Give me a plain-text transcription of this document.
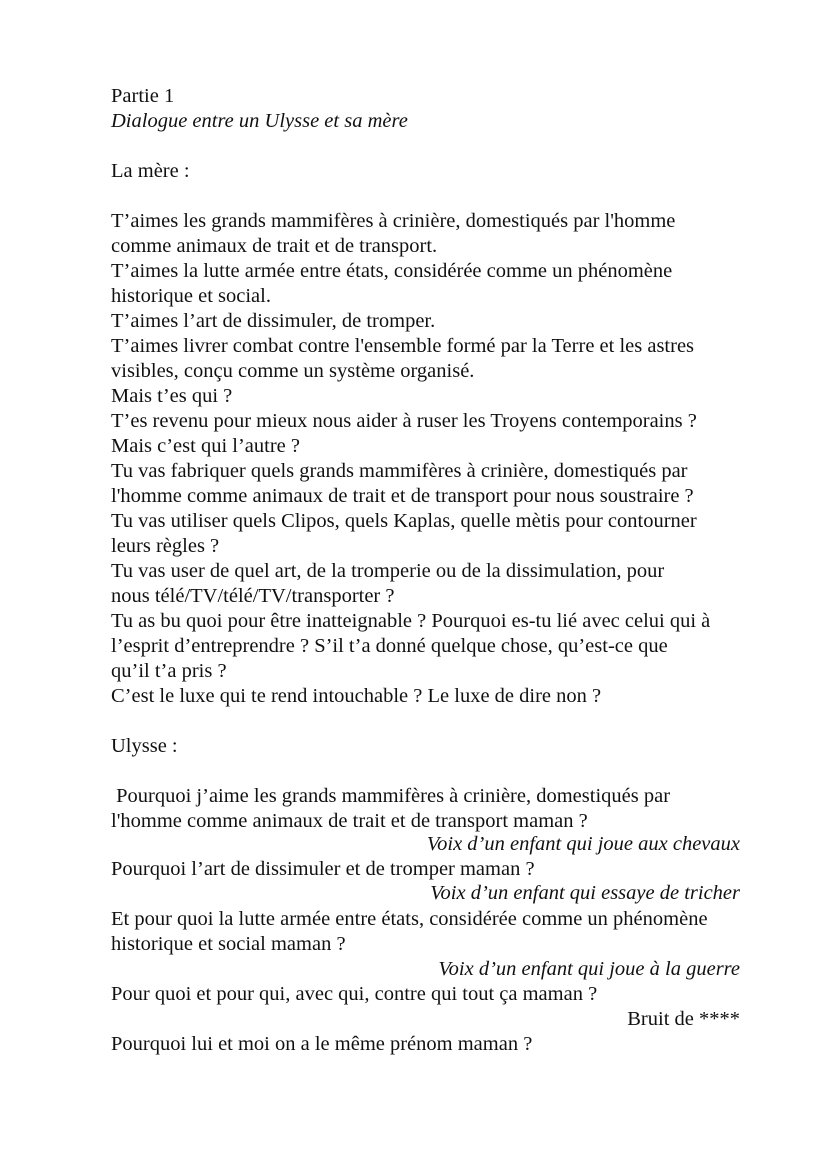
Partie 1
Dialogue entre un Ulysse et sa mère
La mère :
T’aimes les grands mammifères à crinière, domestiqués par l'homme
comme animaux de trait et de transport.
T’aimes la lutte armée entre états, considérée comme un phénomène
historique et social.
T’aimes l’art de dissimuler, de tromper.
T’aimes livrer combat contre l'ensemble formé par la Terre et les astres
visibles, conçu comme un système organisé.
Mais t’es qui ?
T’es revenu pour mieux nous aider à ruser les Troyens contemporains ?
Mais c’est qui l’autre ?
Tu vas fabriquer quels grands mammifères à crinière, domestiqués par
l'homme comme animaux de trait et de transport pour nous soustraire ?
Tu vas utiliser quels Clipos, quels Kaplas, quelle mètis pour contourner
leurs règles ?
Tu vas user de quel art, de la tromperie ou de la dissimulation, pour
nous télé/TV/télé/TV/transporter ?
Tu as bu quoi pour être inatteignable ? Pourquoi es-tu lié avec celui qui à
l’esprit d’entreprendre ? S’il t’a donné quelque chose, qu’est-ce que
qu’il t’a pris ?
C’est le luxe qui te rend intouchable ? Le luxe de dire non ?
Ulysse :
Pourquoi j’aime les grands mammifères à crinière, domestiqués par
l'homme comme animaux de trait et de transport maman ?
Voix d’un enfant qui joue aux chevaux
Pourquoi l’art de dissimuler et de tromper maman ?
Voix d’un enfant qui essaye de tricher
Et pour quoi la lutte armée entre états, considérée comme un phénomène
historique et social maman ?
Voix d’un enfant qui joue à la guerre
Pour quoi et pour qui, avec qui, contre qui tout ça maman ?
Bruit de ****
Pourquoi lui et moi on a le même prénom maman ?
